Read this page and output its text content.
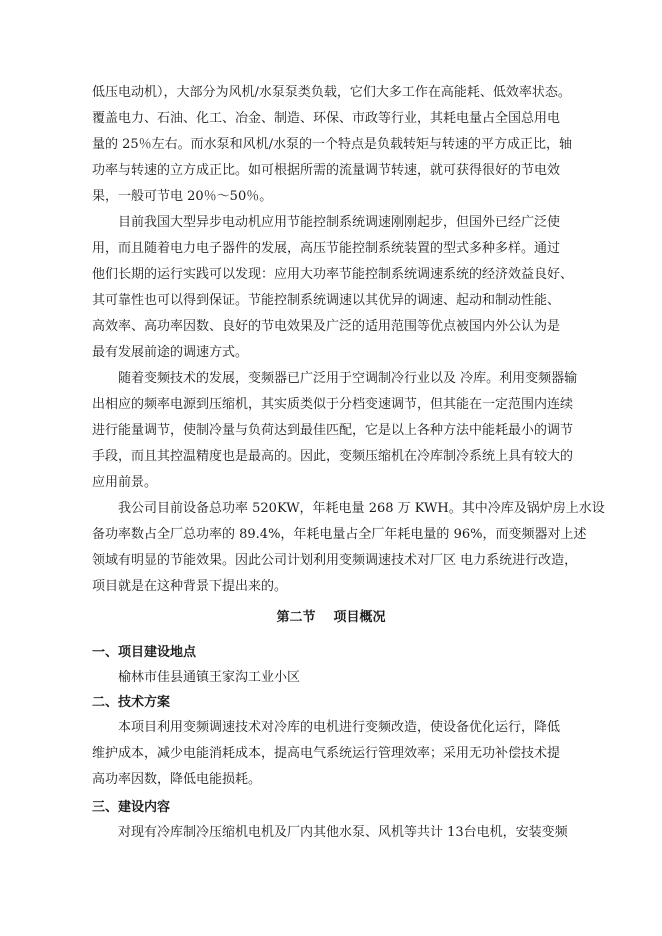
低压电动机），大部分为风机/水泵泵类负载，它们大多工作在高能耗、低效率状态。
覆盖电力、石油、化工、冶金、制造、环保、市政等行业，其耗电量占全国总用电
量的 25％左右。而水泵和风机/水泵的一个特点是负载转矩与转速的平方成正比，轴
功率与转速的立方成正比。如可根据所需的流量调节转速，就可获得很好的节电效
果，一般可节电 20％～50％。
目前我国大型异步电动机应用节能控制系统调速刚刚起步，但国外已经广泛使
用，而且随着电力电子器件的发展，高压节能控制系统装置的型式多种多样。通过
他们长期的运行实践可以发现：应用大功率节能控制系统调速系统的经济效益良好、
其可靠性也可以得到保证。节能控制系统调速以其优异的调速、起动和制动性能、
高效率、高功率因数、良好的节电效果及广泛的适用范围等优点被国内外公认为是
最有发展前途的调速方式。
随着变频技术的发展，变频器已广泛用于空调制冷行业以及 冷库。利用变频器输
出相应的频率电源到压缩机，其实质类似于分档变速调节，但其能在一定范围内连续
进行能量调节，使制冷量与负荷达到最佳匹配，它是以上各种方法中能耗最小的调节
手段，而且其控温精度也是最高的。因此，变频压缩机在冷库制冷系统上具有较大的
应用前景。
我公司目前设备总功率 520KW，年耗电量 268 万 KWH。其中冷库及锅炉房上水设
备功率数占全厂总功率的 89.4%，年耗电量占全厂年耗电量的 96%，而变频器对上述
领域有明显的节能效果。因此公司计划利用变频调速技术对厂区 电力系统进行改造，
项目就是在这种背景下提出来的。
第二节    项目概况
一、项目建设地点
榆林市佳县通镇王家沟工业小区
二、技术方案
本项目利用变频调速技术对冷库的电机进行变频改造，使设备优化运行，降低
维护成本，减少电能消耗成本，提高电气系统运行管理效率；采用无功补偿技术提
高功率因数，降低电能损耗。
三、建设内容
对现有冷库制冷压缩机电机及厂内其他水泵、风机等共计 13台电机，安装变频
